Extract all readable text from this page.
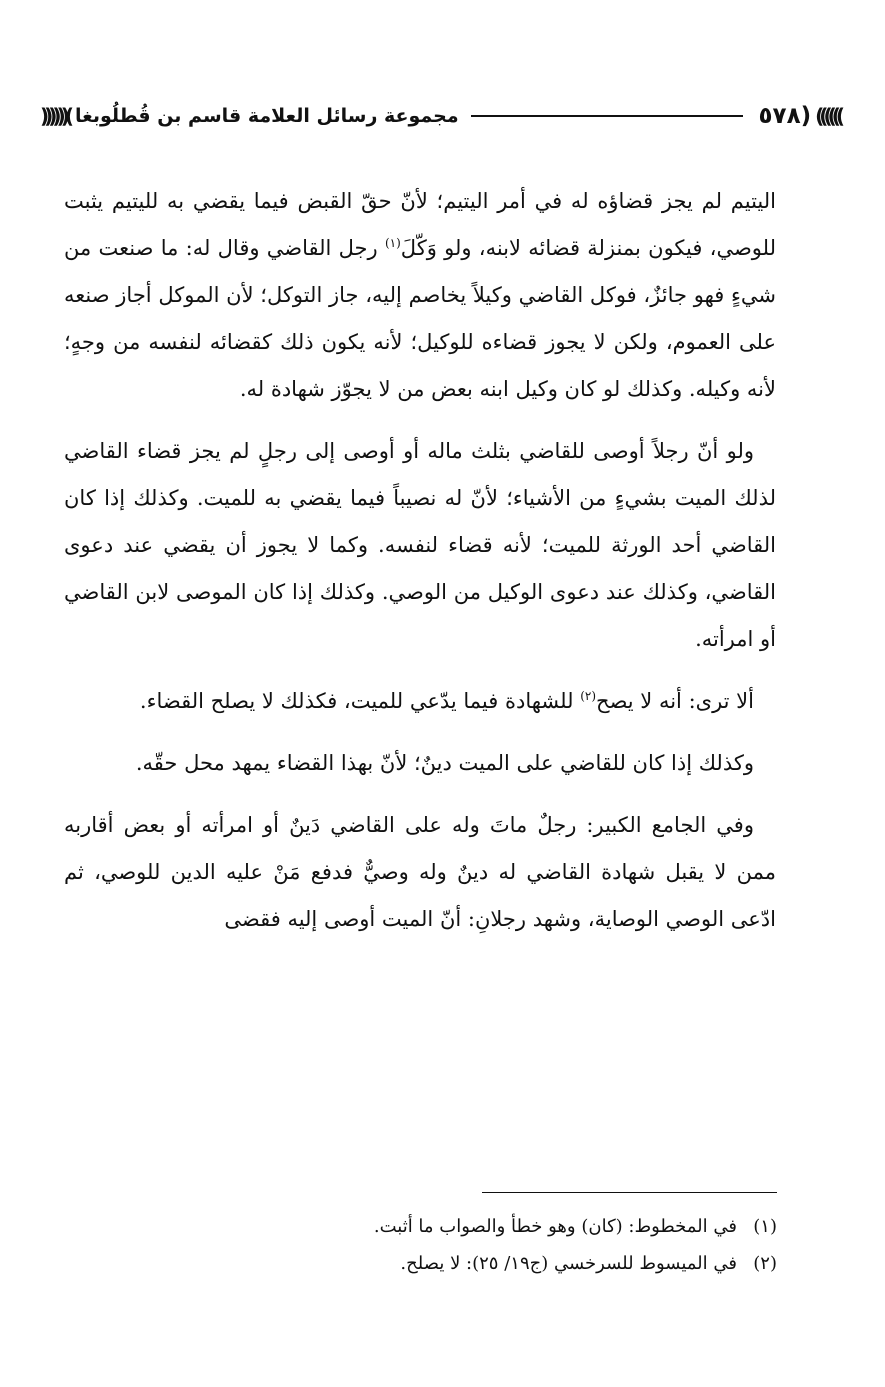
))))))
(٥٧٨
مجموعة رسائل العلامة قاسم بن قُطلُوبغا
)((((((

اليتيم لم يجز قضاؤه له في أمر اليتيم؛ لأنّ حقّ القبض فيما يقضي به لليتيم يثبت للوصي، فيكون بمنزلة قضائه لابنه، ولو وَكّلَ$^{(١)}$ رجل القاضي وقال له: ما صنعت من شيءٍ فهو جائزٌ، فوكل القاضي وكيلاً يخاصم إليه، جاز التوكل؛ لأن الموكل أجاز صنعه على العموم، ولكن لا يجوز قضاءه للوكيل؛ لأنه يكون ذلك كقضائه لنفسه من وجهٍ؛ لأنه وكيله. وكذلك لو كان وكيل ابنه بعض من لا يجوّز شهادة له.

ولو أنّ رجلاً أوصى للقاضي بثلث ماله أو أوصى إلى رجلٍ لم يجز قضاء القاضي لذلك الميت بشيءٍ من الأشياء؛ لأنّ له نصيباً فيما يقضي به للميت. وكذلك إذا كان القاضي أحد الورثة للميت؛ لأنه قضاء لنفسه. وكما لا يجوز أن يقضي عند دعوى القاضي، وكذلك عند دعوى الوكيل من الوصي. وكذلك إذا كان الموصى لابن القاضي أو امرأته.

ألا ترى: أنه لا يصح$^{(٢)}$ للشهادة فيما يدّعي للميت، فكذلك لا يصلح القضاء.

وكذلك إذا كان للقاضي على الميت دينٌ؛ لأنّ بهذا القضاء يمهد محل حقّه.

وفي الجامع الكبير: رجلٌ ماتَ وله على القاضي دَينٌ أو امرأته أو بعض أقاربه ممن لا يقبل شهادة القاضي له دينٌ وله وصيٌّ فدفع مَنْ عليه الدين للوصي، ثم ادّعى الوصي الوصاية، وشهد رجلانِ: أنّ الميت أوصى إليه فقضى

(١)في المخطوط: (كان) وهو خطأ والصواب ما أثبت.

(٢)في الميسوط للسرخسي (ج١٩/ ٢٥): لا يصلح.
